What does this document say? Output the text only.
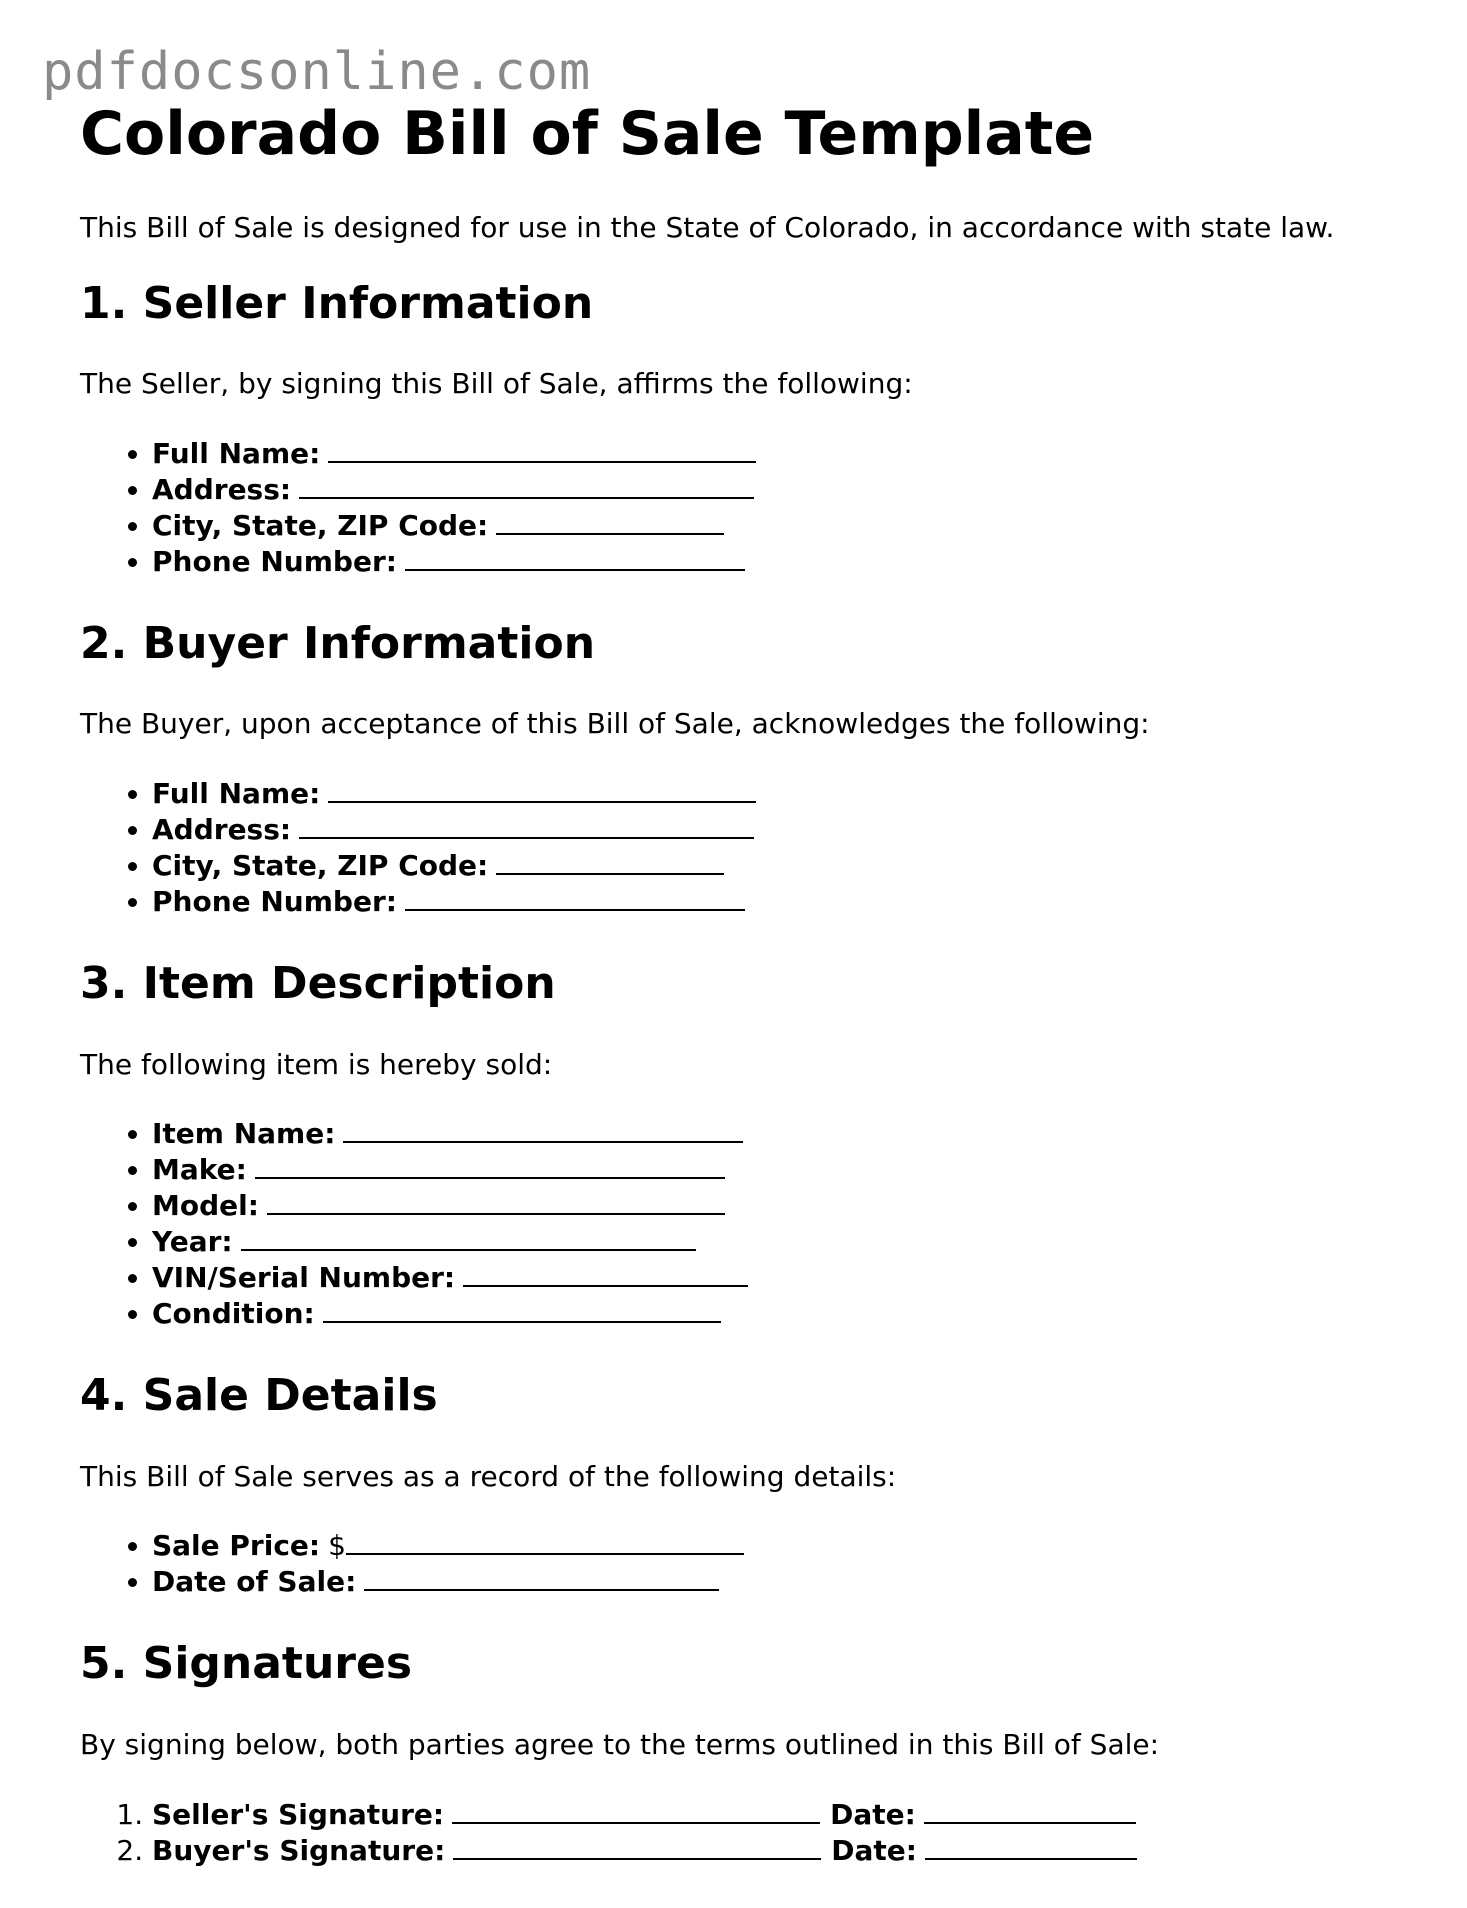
pdfdocsonline.com
Colorado Bill of Sale Template

This Bill of Sale is designed for use in the State of Colorado, in accordance with state law.

1. Seller Information

The Seller, by signing this Bill of Sale, affirms the following:

• Full Name:
• Address:
• City, State, ZIP Code:
• Phone Number:
2. Buyer Information

The Buyer, upon acceptance of this Bill of Sale, acknowledges the following:

• Full Name:
• Address:
• City, State, ZIP Code:
• Phone Number:
3. Item Description

The following item is hereby sold:

• Item Name:
• Make:
• Model:
• Year:
• VIN/Serial Number:
• Condition:
4. Sale Details

This Bill of Sale serves as a record of the following details:

• Sale Price: $
• Date of Sale:
5. Signatures

By signing below, both parties agree to the terms outlined in this Bill of Sale:

1. Seller's Signature:	Date:
2. Buyer's Signature:	Date:
